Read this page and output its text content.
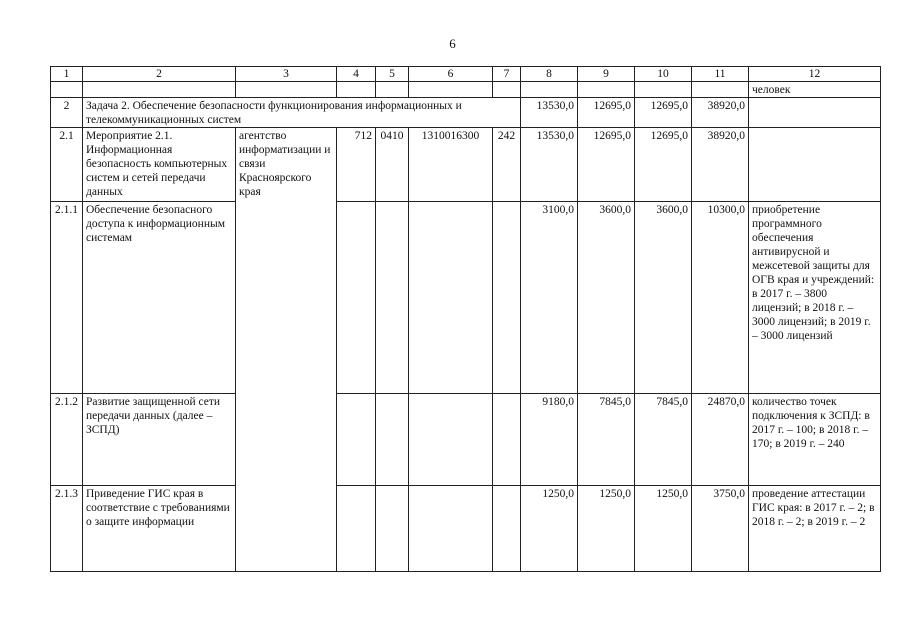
6
1	2	3	4	5	6	7	8	9	10	11	12
											человек
2	Задача 2. Обеспечение безопасности функционирования информационных и телекоммуникационных систем						13530,0	12695,0	12695,0	38920,0	
2.1	Мероприятие 2.1. Информационная безопасность компьютерных систем и сетей передачи данных	агентство информатизации и связи Красноярского края	712	0410	1310016300	242	13530,0	12695,0	12695,0	38920,0	
2.1.1	Обеспечение безопасного доступа к информационным системам						3100,0	3600,0	3600,0	10300,0	приобретение программного обеспечения антивирусной и межсетевой защиты для ОГВ края и учреждений: в 2017 г. – 3800 лицензий; в 2018 г. – 3000 лицензий; в 2019 г. – 3000 лицензий
2.1.2	Развитие защищенной сети передачи данных (далее – ЗСПД)						9180,0	7845,0	7845,0	24870,0	количество точек подключения к ЗСПД: в 2017 г. – 100; в 2018 г. – 170; в 2019 г. – 240
2.1.3	Приведение ГИС края в соответствие с требованиями о защите информации						1250,0	1250,0	1250,0	3750,0	проведение аттестации ГИС края: в 2017 г. – 2; в 2018 г. – 2; в 2019 г. – 2
